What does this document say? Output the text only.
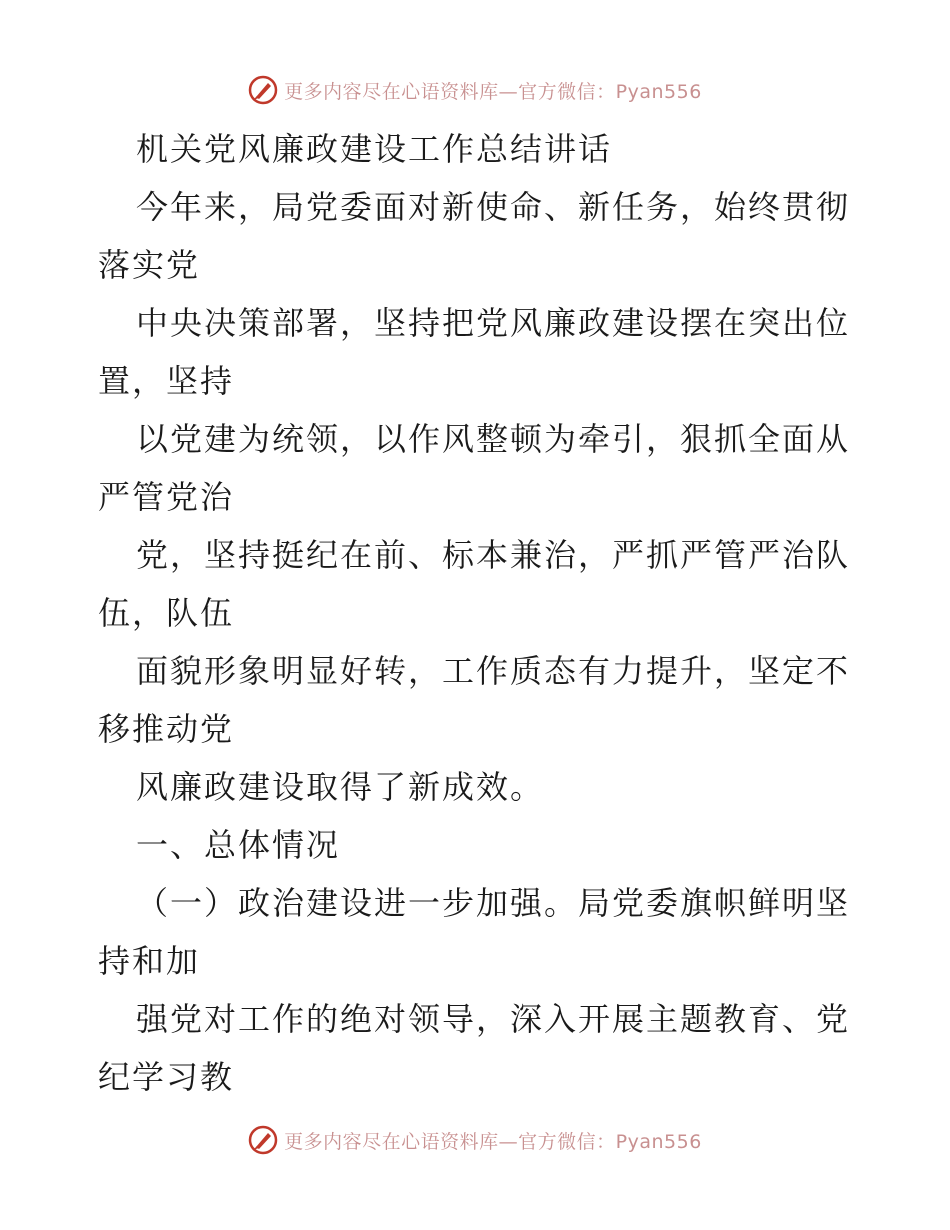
更多内容尽在心语资料库—官方微信：Pyan556
机关党风廉政建设工作总结讲话
今年来，局党委面对新使命、新任务，始终贯彻
落实党
中央决策部署，坚持把党风廉政建设摆在突出位
置，坚持
以党建为统领，以作风整顿为牵引，狠抓全面从
严管党治
党，坚持挺纪在前、标本兼治，严抓严管严治队
伍，队伍
面貌形象明显好转，工作质态有力提升，坚定不
移推动党
风廉政建设取得了新成效。
一、总体情况
（一）政治建设进一步加强。局党委旗帜鲜明坚
持和加
强党对工作的绝对领导，深入开展主题教育、党
纪学习教
更多内容尽在心语资料库—官方微信：Pyan556
